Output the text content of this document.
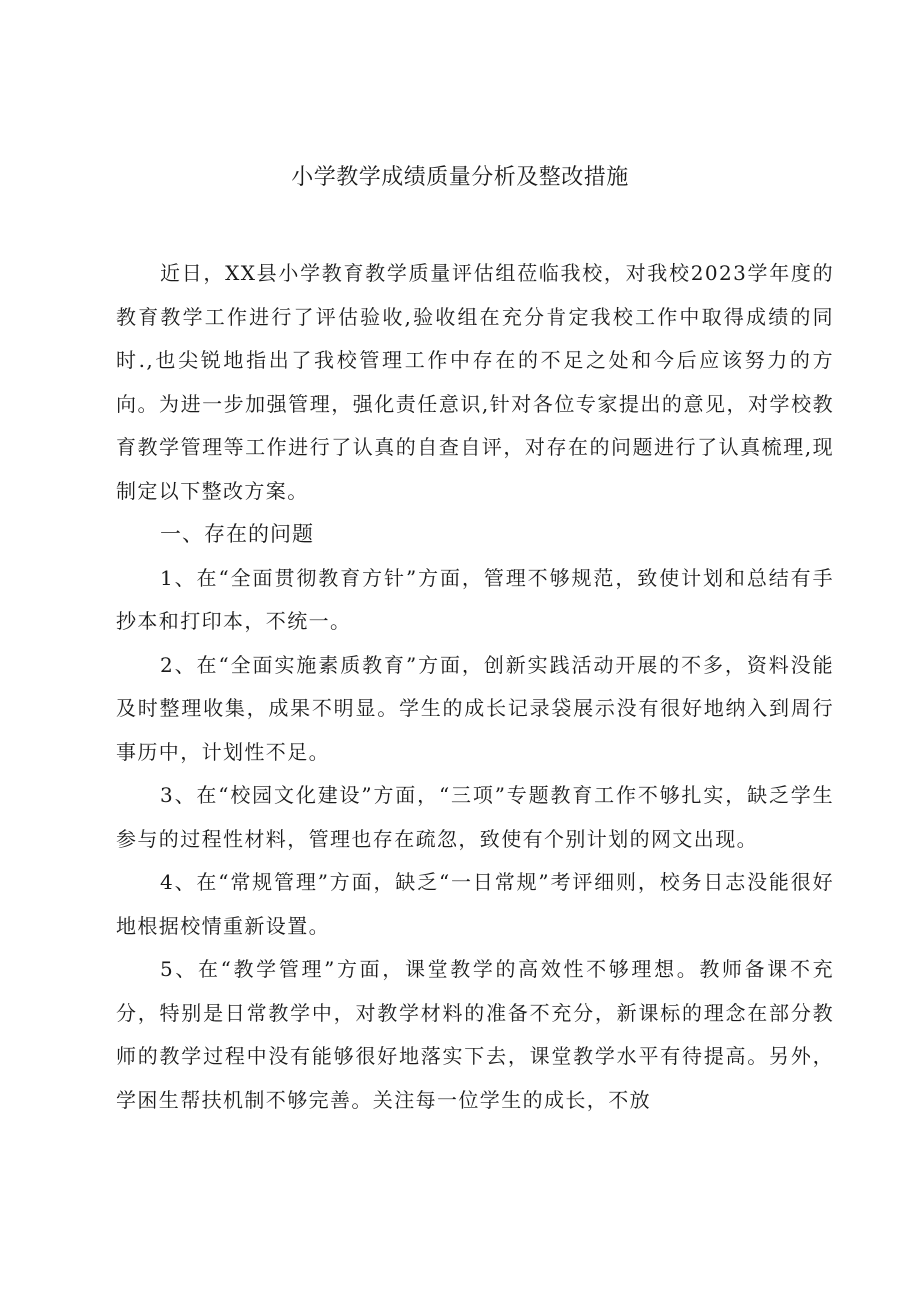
小学教学成绩质量分析及整改措施

近日，XX县小学教育教学质量评估组莅临我校，对我校2023学年度的教育教学工作进行了评估验收,验收组在充分肯定我校工作中取得成绩的同时.,也尖锐地指出了我校管理工作中存在的不足之处和今后应该努力的方向。为进一步加强管理，强化责任意识,针对各位专家提出的意见，对学校教育教学管理等工作进行了认真的自查自评，对存在的问题进行了认真梳理,现制定以下整改方案。

一、存在的问题

1、在“全面贯彻教育方针”方面，管理不够规范，致使计划和总结有手抄本和打印本，不统一。

2、在“全面实施素质教育”方面，创新实践活动开展的不多，资料没能及时整理收集，成果不明显。学生的成长记录袋展示没有很好地纳入到周行事历中，计划性不足。

3、在“校园文化建设”方面，“三项”专题教育工作不够扎实，缺乏学生参与的过程性材料，管理也存在疏忽，致使有个别计划的网文出现。

4、在“常规管理”方面，缺乏“一日常规”考评细则，校务日志没能很好地根据校情重新设置。

5、在“教学管理”方面，课堂教学的高效性不够理想。教师备课不充分，特别是日常教学中，对教学材料的准备不充分，新课标的理念在部分教师的教学过程中没有能够很好地落实下去，课堂教学水平有待提高。另外，学困生帮扶机制不够完善。关注每一位学生的成长，不放
